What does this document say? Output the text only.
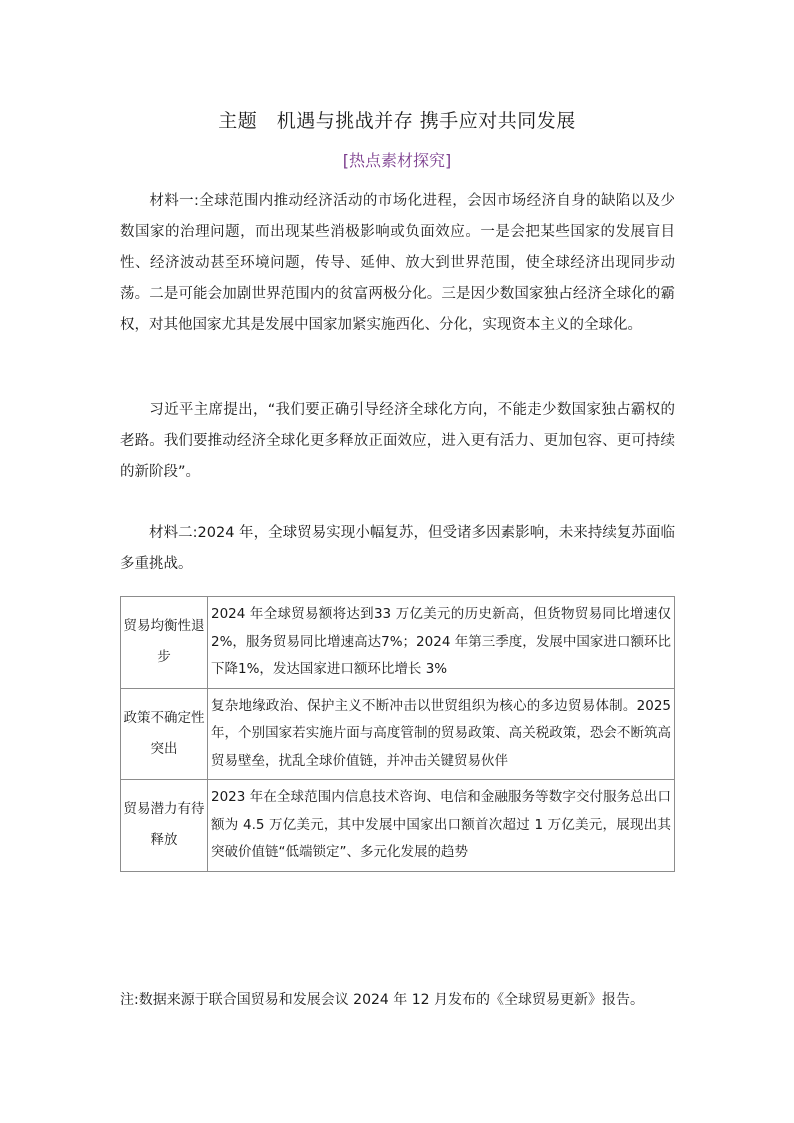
主题　机遇与挑战并存 携手应对共同发展
[热点素材探究]

材料一:全球范围内推动经济活动的市场化进程，会因市场经济自身的缺陷以及少数国家的治理问题，而出现某些消极影响或负面效应。一是会把某些国家的发展盲目性、经济波动甚至环境问题，传导、延伸、放大到世界范围，使全球经济出现同步动荡。二是可能会加剧世界范围内的贫富两极分化。三是因少数国家独占经济全球化的霸权，对其他国家尤其是发展中国家加紧实施西化、分化，实现资本主义的全球化。

习近平主席提出，“我们要正确引导经济全球化方向，不能走少数国家独占霸权的老路。我们要推动经济全球化更多释放正面效应，进入更有活力、更加包容、更可持续的新阶段”。

材料二:2024 年，全球贸易实现小幅复苏，但受诸多因素影响，未来持续复苏面临多重挑战。

贸易均衡性退步	2024 年全球贸易额将达到33 万亿美元的历史新高，但货物贸易同比增速仅2%，服务贸易同比增速高达7%；2024 年第三季度，发展中国家进口额环比下降1%，发达国家进口额环比增长 3%
政策不确定性突出	复杂地缘政治、保护主义不断冲击以世贸组织为核心的多边贸易体制。2025 年，个别国家若实施片面与高度管制的贸易政策、高关税政策，恐会不断筑高贸易壁垒，扰乱全球价值链，并冲击关键贸易伙伴
贸易潜力有待释放	2023 年在全球范围内信息技术咨询、电信和金融服务等数字交付服务总出口额为 4.5 万亿美元，其中发展中国家出口额首次超过 1 万亿美元，展现出其突破价值链“低端锁定”、多元化发展的趋势

注:数据来源于联合国贸易和发展会议 2024 年 12 月发布的《全球贸易更新》报告。
